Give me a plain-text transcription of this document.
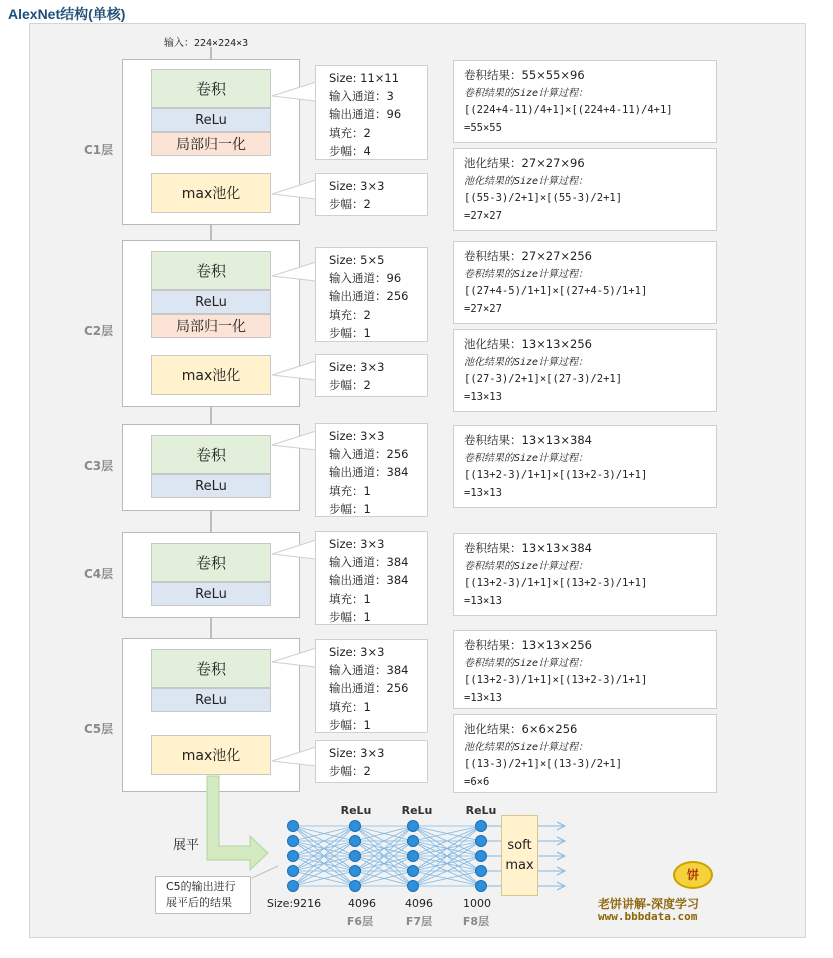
AlexNet结构(单核)
C1层
C2层
C3层
C4层
C5层
输入：224×224×3
卷积
ReLu
局部归一化
max池化
卷积
ReLu
局部归一化
max池化
卷积
ReLu
卷积
ReLu
卷积
ReLu
max池化
Size: 11×11
输入通道：3
输出通道：96
填充：2
步幅：4
Size: 3×3
步幅：2
Size: 5×5
输入通道：96
输出通道：256
填充：2
步幅：1
Size: 3×3
步幅：2
Size: 3×3
输入通道：256
输出通道：384
填充：1
步幅：1
Size: 3×3
输入通道：384
输出通道：384
填充：1
步幅：1
Size: 3×3
输入通道：384
输出通道：256
填充：1
步幅：1
Size: 3×3
步幅：2
卷积结果：55×55×96
卷积结果的Size计算过程：
[(224+4-11)/4+1]×[(224+4-11)/4+1]
=55×55
池化结果：27×27×96
池化结果的Size计算过程：
[(55-3)/2+1]×[(55-3)/2+1]
=27×27
卷积结果：27×27×256
卷积结果的Size计算过程：
[(27+4-5)/1+1]×[(27+4-5)/1+1]
=27×27
池化结果：13×13×256
池化结果的Size计算过程：
[(27-3)/2+1]×[(27-3)/2+1]
=13×13
卷积结果：13×13×384
卷积结果的Size计算过程：
[(13+2-3)/1+1]×[(13+2-3)/1+1]
=13×13
卷积结果：13×13×384
卷积结果的Size计算过程：
[(13+2-3)/1+1]×[(13+2-3)/1+1]
=13×13
卷积结果：13×13×256
卷积结果的Size计算过程：
[(13+2-3)/1+1]×[(13+2-3)/1+1]
=13×13
池化结果：6×6×256
池化结果的Size计算过程：
[(13-3)/2+1]×[(13-3)/2+1]
=6×6
展平
C5的输出进行
展平后的结果
ReLu	ReLu	ReLu
soft
max
Size:9216	4096	4096	1000
F6层	F7层	F8层
饼
老饼讲解-深度学习
www.bbbdata.com
